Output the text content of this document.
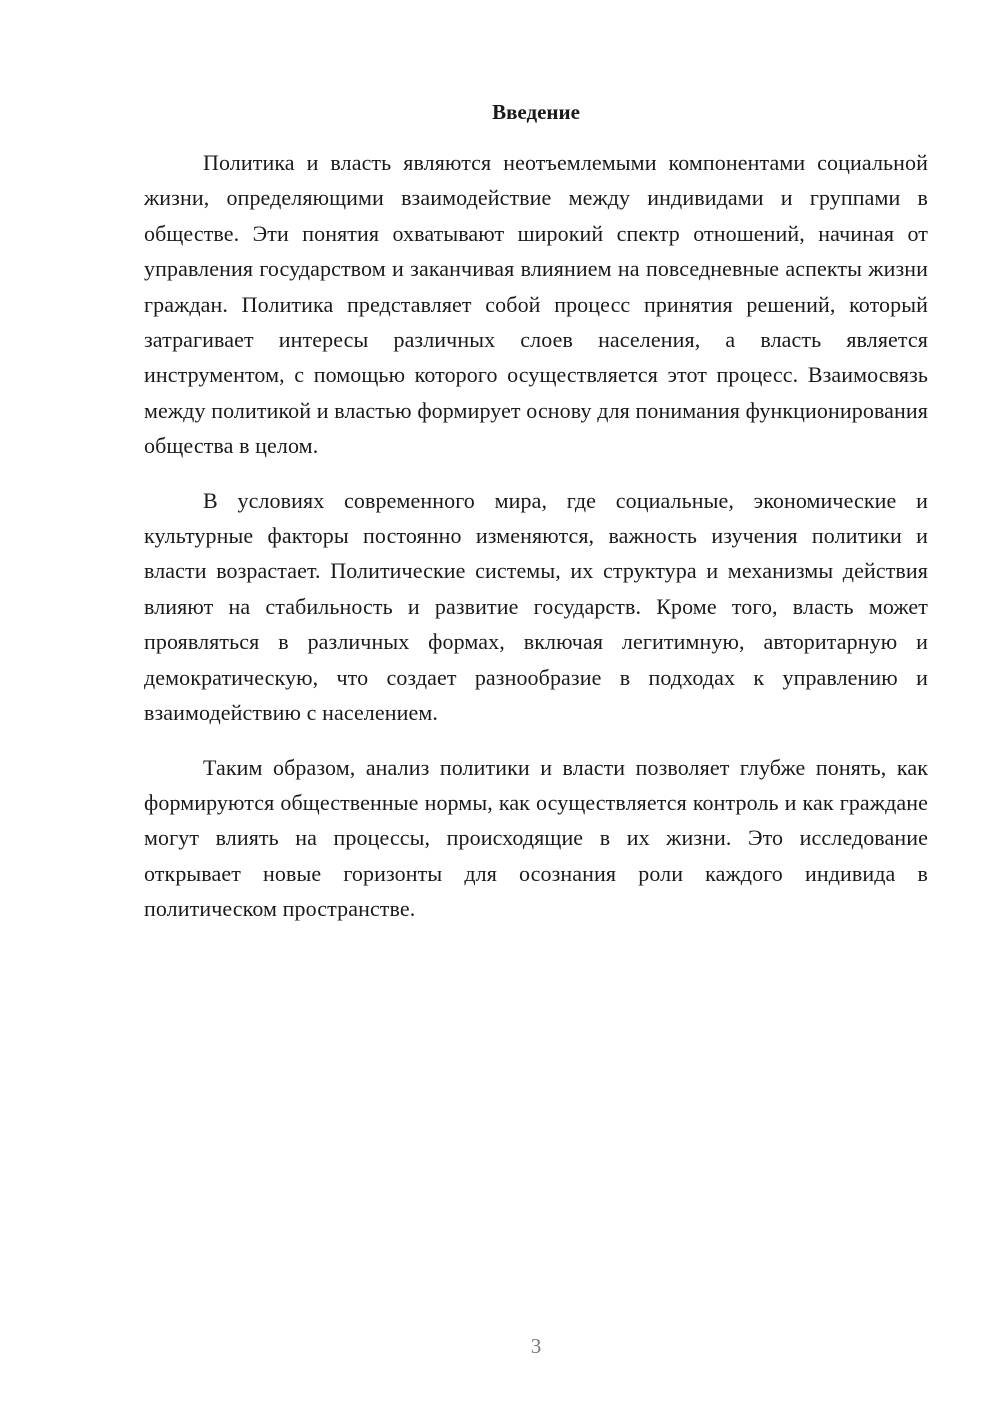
Введение

Политика и власть являются неотъемлемыми компонентами социальной жизни, определяющими взаимодействие между индивидами и группами в обществе. Эти понятия охватывают широкий спектр отношений, начиная от управления государством и заканчивая влиянием на повседневные аспекты жизни граждан. Политика представляет собой процесс принятия решений, который затрагивает интересы различных слоев населения, а власть является инструментом, с помощью которого осуществляется этот процесс. Взаимосвязь между политикой и властью формирует основу для понимания функционирования общества в целом.

В условиях современного мира, где социальные, экономические и культурные факторы постоянно изменяются, важность изучения политики и власти возрастает. Политические системы, их структура и механизмы действия влияют на стабильность и развитие государств. Кроме того, власть может проявляться в различных формах, включая легитимную, авторитарную и демократическую, что создает разнообразие в подходах к управлению и взаимодействию с населением.

Таким образом, анализ политики и власти позволяет глубже понять, как формируются общественные нормы, как осуществляется контроль и как граждане могут влиять на процессы, происходящие в их жизни. Это исследование открывает новые горизонты для осознания роли каждого индивида в политическом пространстве.

3
